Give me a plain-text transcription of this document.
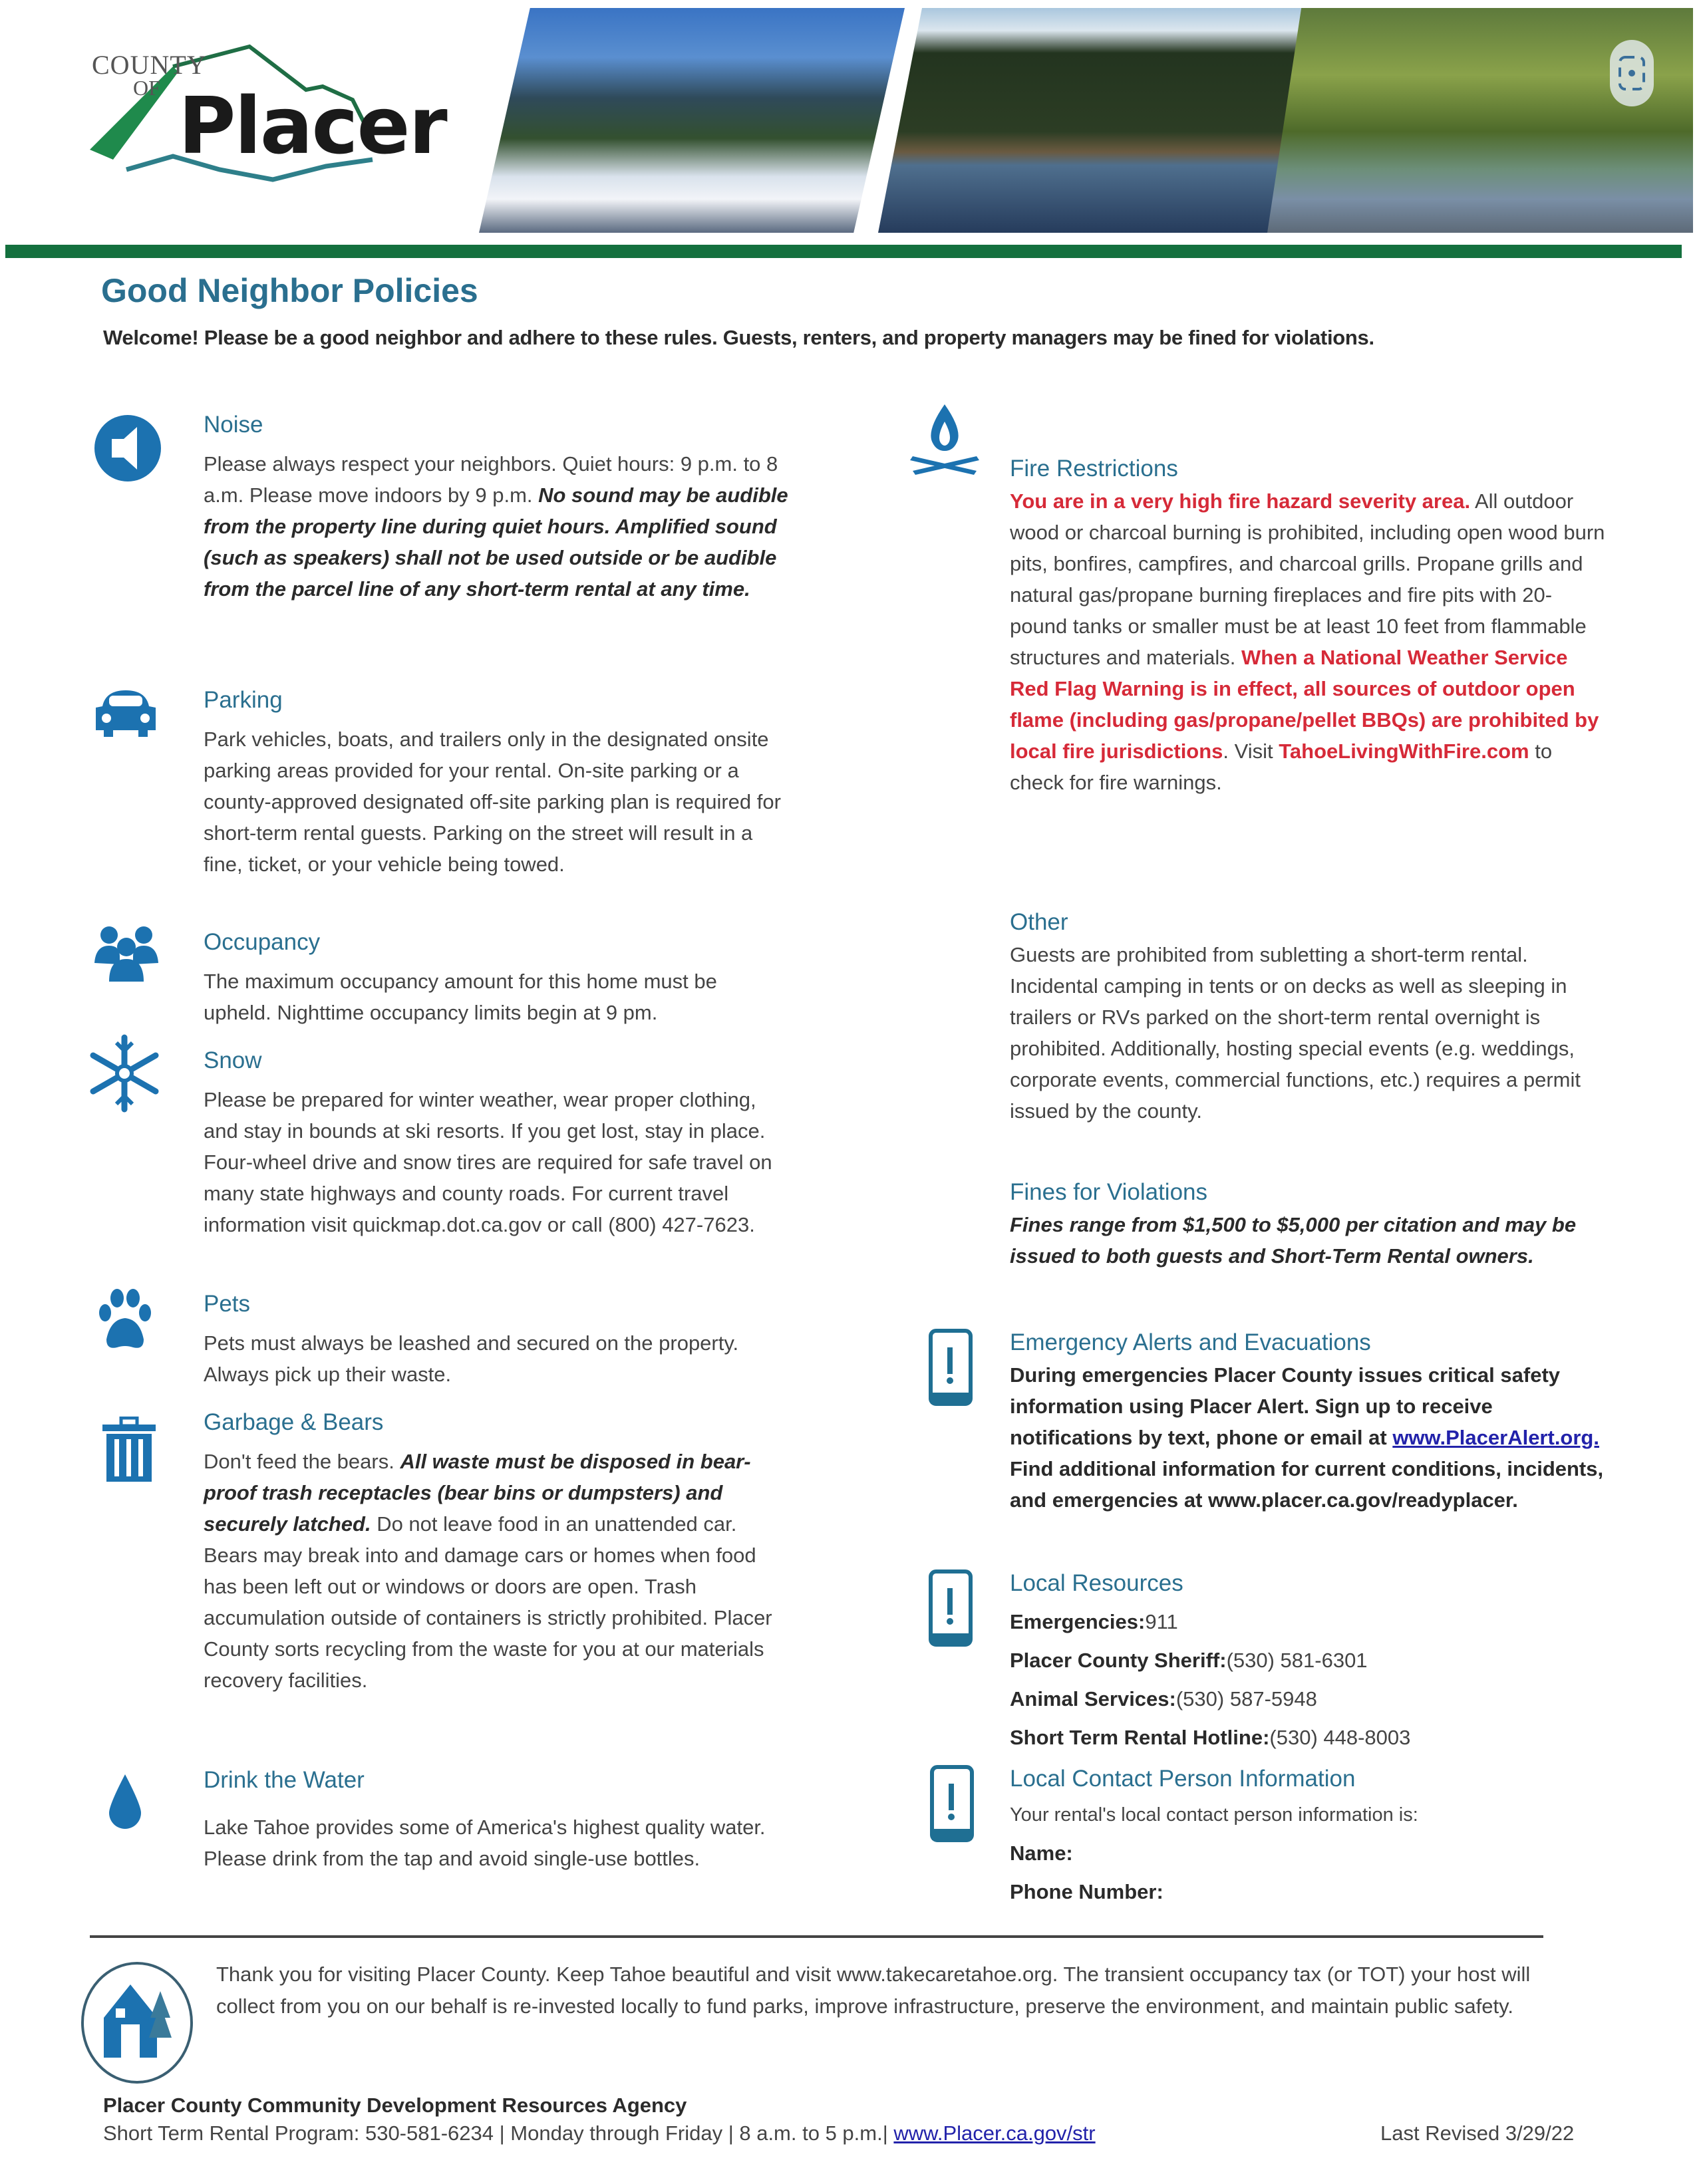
COUNTY
OF Placer
Good Neighbor Policies
Welcome! Please be a good neighbor and adhere to these rules. Guests, renters, and property managers may be fined for violations.
Noise
Please always respect your neighbors. Quiet hours: 9 p.m. to 8 a.m. Please move indoors by 9 p.m. No sound may be audible from the property line during quiet hours. Amplified sound (such as speakers) shall not be used outside or be audible from the parcel line of any short-term rental at any time.
Parking
Park vehicles, boats, and trailers only in the designated onsite parking areas provided for your rental. On-site parking or a county-approved designated off-site parking plan is required for short-term rental guests. Parking on the street will result in a fine, ticket, or your vehicle being towed.
Occupancy
The maximum occupancy amount for this home must be upheld. Nighttime occupancy limits begin at 9 pm.
Snow
Please be prepared for winter weather, wear proper clothing, and stay in bounds at ski resorts. If you get lost, stay in place. Four-wheel drive and snow tires are required for safe travel on many state highways and county roads. For current travel information visit quickmap.dot.ca.gov or call (800) 427-7623.
Pets
Pets must always be leashed and secured on the property. Always pick up their waste.
Garbage & Bears
Don't feed the bears. All waste must be disposed in bear-proof trash receptacles (bear bins or dumpsters) and securely latched. Do not leave food in an unattended car. Bears may break into and damage cars or homes when food has been left out or windows or doors are open. Trash accumulation outside of containers is strictly prohibited. Placer County sorts recycling from the waste for you at our materials recovery facilities.
Drink the Water
Lake Tahoe provides some of America's highest quality water. Please drink from the tap and avoid single-use bottles.
Fire Restrictions
You are in a very high fire hazard severity area. All outdoor wood or charcoal burning is prohibited, including open wood burn pits, bonfires, campfires, and charcoal grills. Propane grills and natural gas/propane burning fireplaces and fire pits with 20-pound tanks or smaller must be at least 10 feet from flammable structures and materials. When a National Weather Service Red Flag Warning is in effect, all sources of outdoor open flame (including gas/propane/pellet BBQs) are prohibited by local fire jurisdictions. Visit TahoeLivingWithFire.com to check for fire warnings.
Other
Guests are prohibited from subletting a short-term rental. Incidental camping in tents or on decks as well as sleeping in trailers or RVs parked on the short-term rental overnight is prohibited. Additionally, hosting special events (e.g. weddings, corporate events, commercial functions, etc.) requires a permit issued by the county.
Fines for Violations
Fines range from $1,500 to $5,000 per citation and may be issued to both guests and Short-Term Rental owners.
Emergency Alerts and Evacuations
During emergencies Placer County issues critical safety information using Placer Alert. Sign up to receive notifications by text, phone or email at www.PlacerAlert.org. Find additional information for current conditions, incidents, and emergencies at www.placer.ca.gov/readyplacer.
Local Resources
Emergencies:911
Placer County Sheriff:(530) 581-6301
Animal Services:(530) 587-5948
Short Term Rental Hotline:(530) 448-8003
Local Contact Person Information
Your rental's local contact person information is:
Name:
Phone Number:
Thank you for visiting Placer County. Keep Tahoe beautiful and visit www.takecaretahoe.org. The transient occupancy tax (or TOT) your host will collect from you on our behalf is re-invested locally to fund parks, improve infrastructure, preserve the environment, and maintain public safety.
Placer County Community Development Resources Agency
Short Term Rental Program: 530-581-6234 | Monday through Friday | 8 a.m. to 5 p.m.| www.Placer.ca.gov/str	Last Revised 3/29/22
